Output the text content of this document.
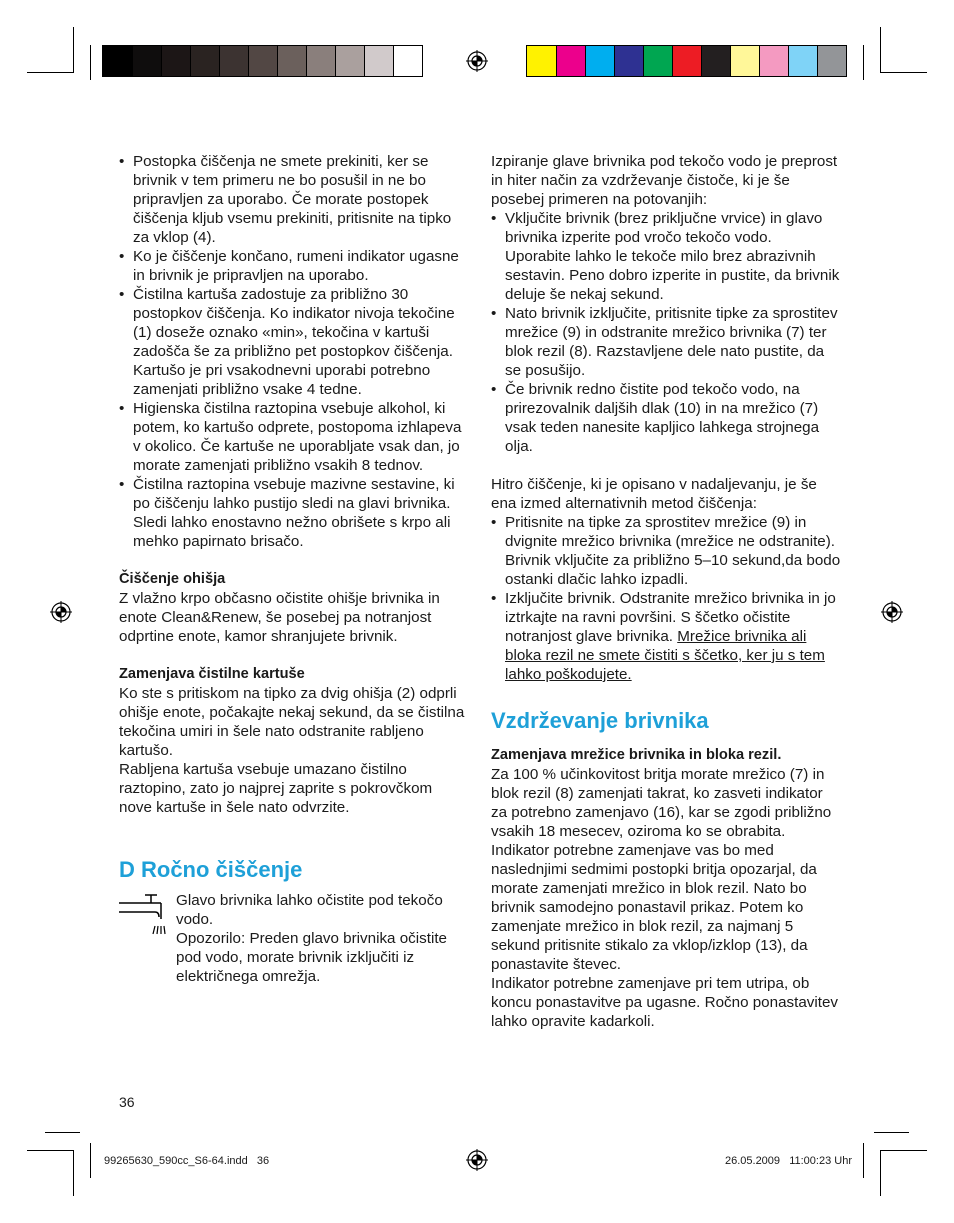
• Postopka čiščenja ne smete prekiniti, ker se brivnik v tem primeru ne bo posušil in ne bo pripravljen za uporabo. Če morate postopek čiščenja kljub vsemu prekiniti, pritisnite na tipko za vklop (4).
• Ko je čiščenje končano, rumeni indikator ugasne in brivnik je pripravljen na uporabo.
• Čistilna kartuša zadostuje za približno 30 postopkov čiščenja. Ko indikator nivoja tekočine (1) doseže oznako «min», tekočina v kartuši zadošča še za približno pet postopkov čiščenja. Kartušo je pri vsakodnevni uporabi potrebno zamenjati približno vsake 4 tedne.
• Higienska čistilna raztopina vsebuje alkohol, ki potem, ko kartušo odprete, postopoma izhlapeva v okolico. Če kartuše ne uporabljate vsak dan, jo morate zamenjati približno vsakih 8 tednov.
• Čistilna raztopina vsebuje mazivne sestavine, ki po čiščenju lahko pustijo sledi na glavi brivnika. Sledi lahko enostavno nežno obrišete s krpo ali mehko papirnato brisačo.

Čiščenje ohišja

Z vlažno krpo občasno očistite ohišje brivnika in enote Clean&Renew, še posebej pa notranjost odprtine enote, kamor shranjujete brivnik.

Zamenjava čistilne kartuše

Ko ste s pritiskom na tipko za dvig ohišja (2) odprli ohišje enote, počakajte nekaj sekund, da se čistilna tekočina umiri in šele nato odstranite rabljeno kartušo.

Rabljena kartuša vsebuje umazano čistilno raztopino, zato jo najprej zaprite s pokrovčkom nove kartuše in šele nato odvrzite.

D Ročno čiščenje

Glavo brivnika lahko očistite pod tekočo vodo.

Opozorilo: Preden glavo brivnika očistite pod vodo, morate brivnik izključiti iz električnega omrežja.

Izpiranje glave brivnika pod tekočo vodo je preprost in hiter način za vzdrževanje čistoče, ki je še posebej primeren na potovanjih:

• Vključite brivnik (brez priključne vrvice) in glavo brivnika izperite pod vročo tekočo vodo. Uporabite lahko le tekoče milo brez abrazivnih sestavin. Peno dobro izperite in pustite, da brivnik deluje še nekaj sekund.
• Nato brivnik izključite, pritisnite tipke za sprostitev mrežice (9) in odstranite mrežico brivnika (7) ter blok rezil (8). Razstavljene dele nato pustite, da se posušijo.
• Če brivnik redno čistite pod tekočo vodo, na prirezovalnik daljših dlak (10) in na mrežico (7) vsak teden nanesite kapljico lahkega strojnega olja.

Hitro čiščenje, ki je opisano v nadaljevanju, je še ena izmed alternativnih metod čiščenja:

• Pritisnite na tipke za sprostitev mrežice (9) in dvignite mrežico brivnika (mrežice ne odstranite). Brivnik vključite za približno 5–10 sekund,da bodo ostanki dlačic lahko izpadli.
• Izključite brivnik. Odstranite mrežico brivnika in jo iztrkajte na ravni površini. S ščetko očistite notranjost glave brivnika. Mrežice brivnika ali bloka rezil ne smete čistiti s ščetko, ker ju s tem lahko poškodujete.
Vzdrževanje brivnika

Zamenjava mrežice brivnika in bloka rezil.

Za 100 % učinkovitost britja morate mrežico (7) in blok rezil (8) zamenjati takrat, ko zasveti indikator za potrebno zamenjavo (16), kar se zgodi približno vsakih 18 mesecev, oziroma ko se obrabita.

Indikator potrebne zamenjave vas bo med naslednjimi sedmimi postopki britja opozarjal, da morate zamenjati mrežico in blok rezil. Nato bo brivnik samodejno ponastavil prikaz. Potem ko zamenjate mrežico in blok rezil, za najmanj 5 sekund pritisnite stikalo za vklop/izklop (13), da ponastavite števec.

Indikator potrebne zamenjave pri tem utripa, ob koncu ponastavitve pa ugasne. Ročno ponastavitev lahko opravite kadarkoli.

36
99265630_590cc_S6-64.indd   36	26.05.2009   11:00:23 Uhr
